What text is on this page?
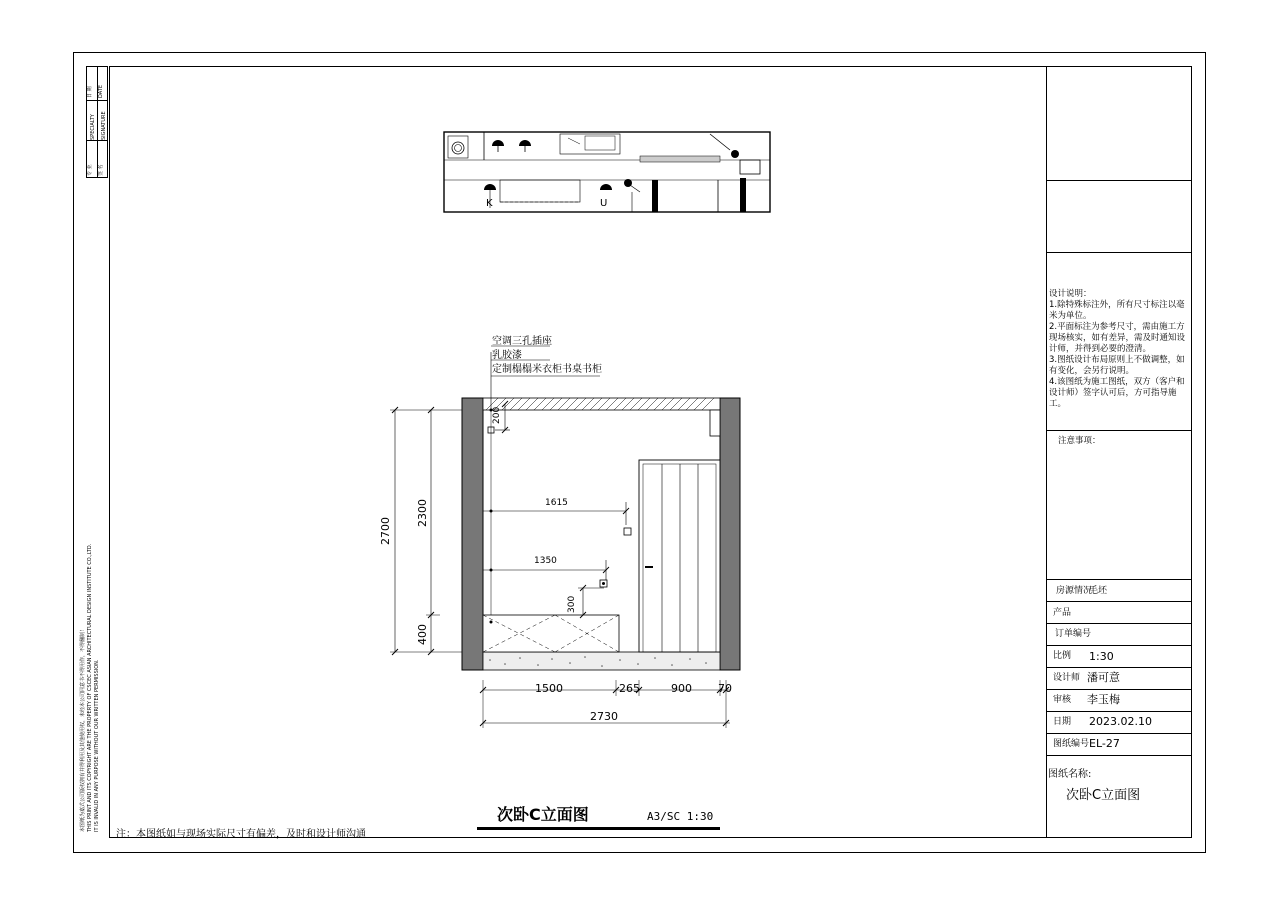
专 业
SPECIALTY
签 名
SIGNATURE
日 期 DATE
本图纸为嘉式公司版权拥有并得利用及其他使用权，未经本公司同意书不得用作，不得翻制！ THIS PRINT AND ITS COPYRIGHT ARE THE PROPERTY OF CSCEC ASIAN ARCHITECTURAL DESIGN INSTITUTE CO.,LTD. IT IS INVALID IN ANY PURPOSE WITHOUT OUR WRITTEN PERMISSION.
K	U
空调三孔插座
乳胶漆
定制榻榻米衣柜书桌书柜
2700
2300
400
200
1615
1350
300
1500	265	900 70
2730
次卧C立面图	A3/SC 1:30
注：本图纸如与现场实际尺寸有偏差，及时和设计师沟通
设计说明：
1.除特殊标注外，所有尺寸标注以毫米为单位。
2.平面标注为参考尺寸，需由施工方现场核实，如有差异，需及时通知设计师，并得到必要的澄清。
3.图纸设计布局原则上不做调整，如有变化，会另行说明。
4.该图纸为施工图纸，双方（客户和设计师）签字认可后，方可指导施工。
注意事项：
房源情况
毛坯
产品
订单编号
比例 1:30
设计师 潘可意
审核 李玉梅
日期 2023.02.10
图纸编号 EL-27
图纸名称:
次卧C立面图
